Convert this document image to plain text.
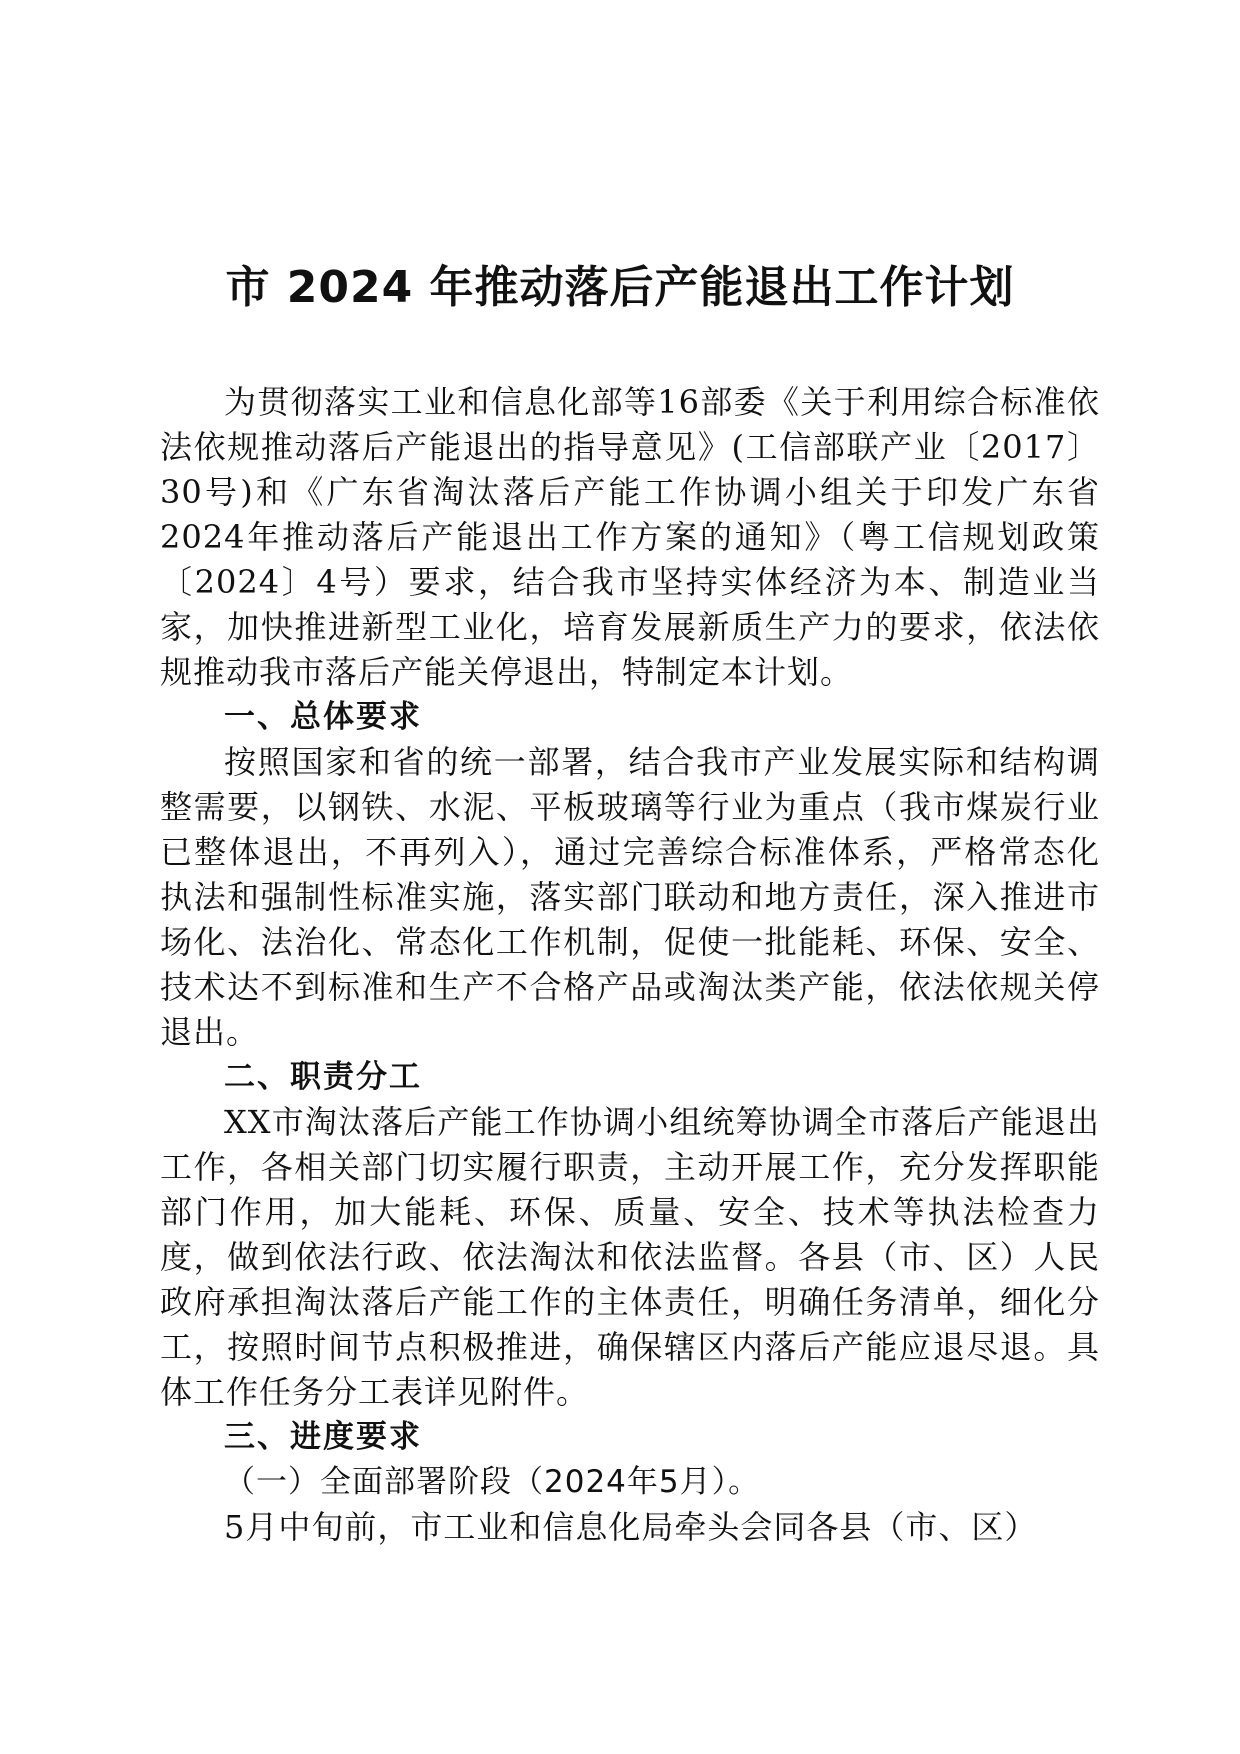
市 2024 年推动落后产能退出工作计划

为贯彻落实工业和信息化部等16部委《关于利用综合标准依法依规推动落后产能退出的指导意见》(工信部联产业〔2017〕30号)和《广东省淘汰落后产能工作协调小组关于印发广东省2024年推动落后产能退出工作方案的通知》（粤工信规划政策〔2024〕4号）要求，结合我市坚持实体经济为本、制造业当家，加快推进新型工业化，培育发展新质生产力的要求，依法依规推动我市落后产能关停退出，特制定本计划。

一、总体要求

按照国家和省的统一部署，结合我市产业发展实际和结构调整需要，以钢铁、水泥、平板玻璃等行业为重点（我市煤炭行业已整体退出，不再列入），通过完善综合标准体系，严格常态化执法和强制性标准实施，落实部门联动和地方责任，深入推进市场化、法治化、常态化工作机制，促使一批能耗、环保、安全、技术达不到标准和生产不合格产品或淘汰类产能，依法依规关停退出。

二、职责分工

XX市淘汰落后产能工作协调小组统筹协调全市落后产能退出工作，各相关部门切实履行职责，主动开展工作，充分发挥职能部门作用，加大能耗、环保、质量、安全、技术等执法检查力度，做到依法行政、依法淘汰和依法监督。各县（市、区）人民政府承担淘汰落后产能工作的主体责任，明确任务清单，细化分工，按照时间节点积极推进，确保辖区内落后产能应退尽退。具体工作任务分工表详见附件。

三、进度要求

（一）全面部署阶段（2024年5月）。

5月中旬前，市工业和信息化局牵头会同各县（市、区）
